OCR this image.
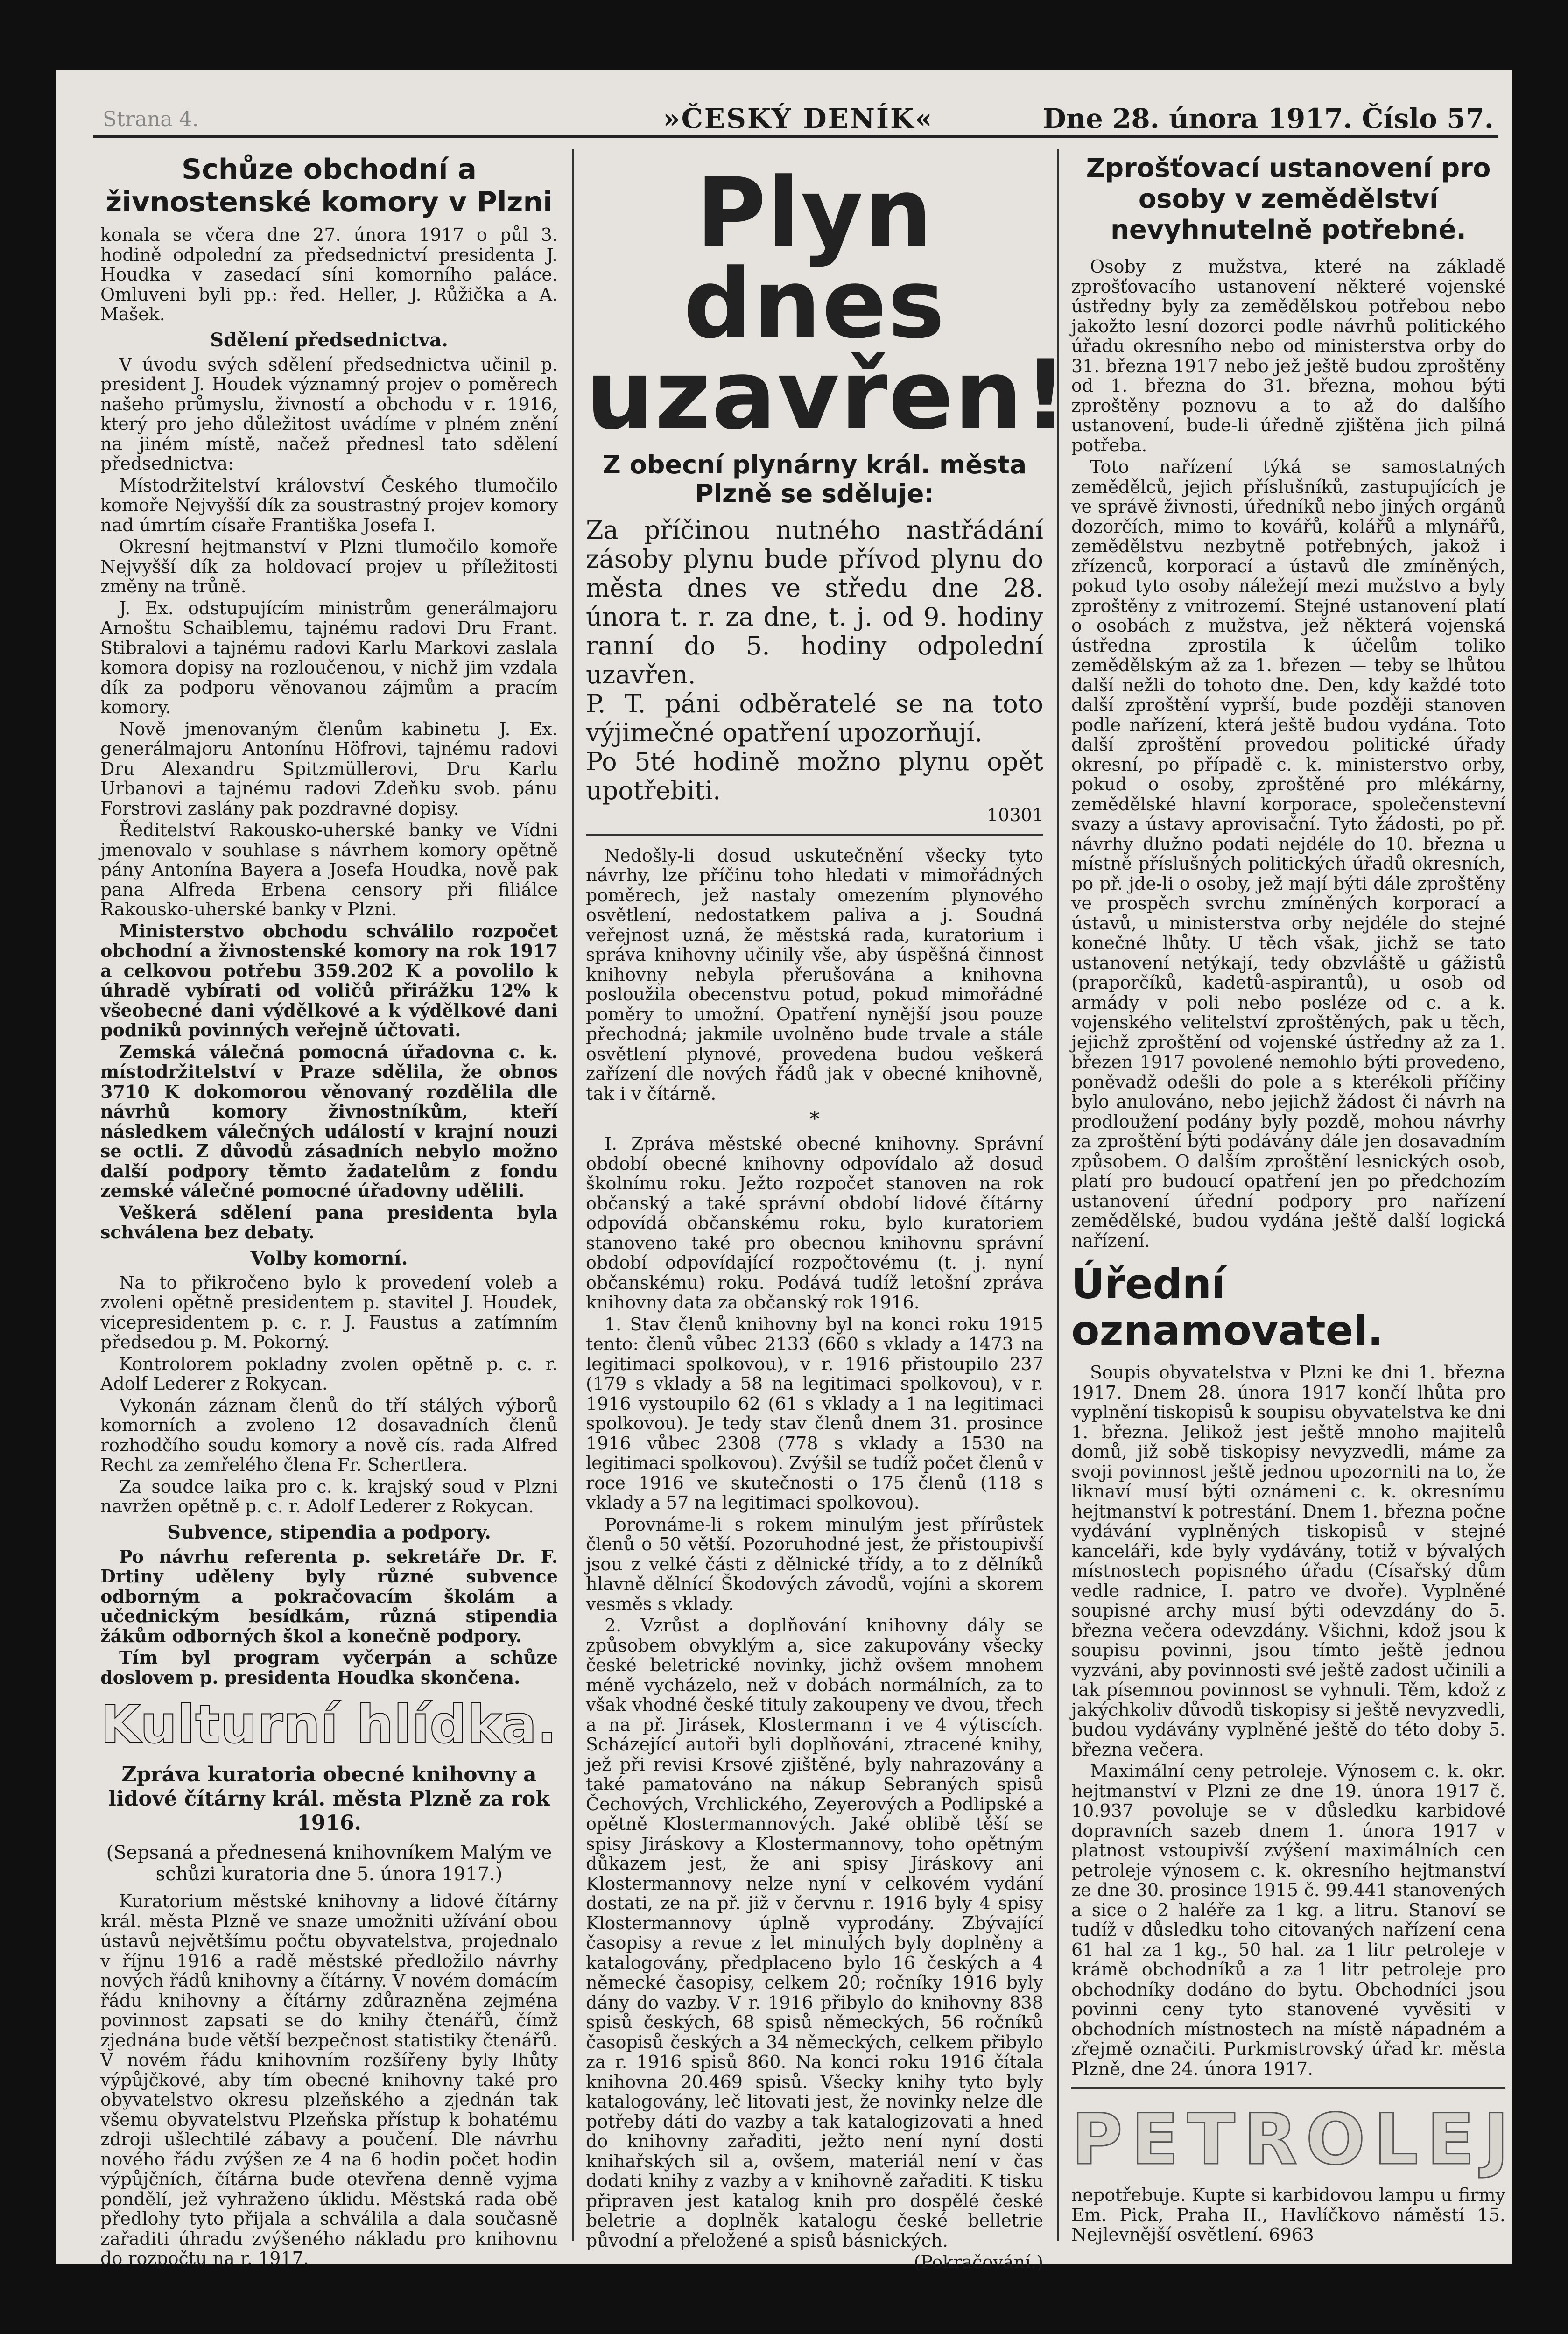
Strana 4.	»ČESKÝ DENÍK«	Dne 28. února 1917. Číslo 57.
Schůze obchodní a živnostenské komory v Plzni

konala se včera dne 27. února 1917 o půl 3. hodině odpolední za předsednictví presidenta J. Houdka v zasedací síni komorního paláce. Omluveni byli pp.: řed. Heller, J. Růžička a A. Mašek.

Sdělení předsednictva.

V úvodu svých sdělení předsednictva učinil p. president J. Houdek významný projev o poměrech našeho průmyslu, živností a obchodu v r. 1916, který pro jeho důležitost uvádíme v plném znění na jiném místě, načež přednesl tato sdělení předsednictva:

Místodržitelství království Českého tlumočilo komoře Nejvyšší dík za soustrastný projev komory nad úmrtím císaře Františka Josefa I.

Okresní hejtmanství v Plzni tlumočilo komoře Nejvyšší dík za holdovací projev u příležitosti změny na trůně.

J. Ex. odstupujícím ministrům generálmajoru Arnoštu Schaiblemu, tajnému radovi Dru Frant. Stibralovi a tajnému radovi Karlu Markovi zaslala komora dopisy na rozloučenou, v nichž jim vzdala dík za podporu věnovanou zájmům a pracím komory.

Nově jmenovaným členům kabinetu J. Ex. generálmajoru Antonínu Höfrovi, tajnému radovi Dru Alexandru Spitzmüllerovi, Dru Karlu Urbanovi a tajnému radovi Zdeňku svob. pánu Forstrovi zaslány pak pozdravné dopisy.

Ředitelství Rakousko-uherské banky ve Vídni jmenovalo v souhlase s návrhem komory opětně pány Antonína Bayera a Josefa Houdka, nově pak pana Alfreda Erbena censory při filiálce Rakousko-uherské banky v Plzni.

Ministerstvo obchodu schválilo rozpočet obchodní a živnostenské komory na rok 1917 a celkovou potřebu 359.202 K a povolilo k úhradě vybírati od voličů přirážku 12% k všeobecné dani výdělkové a k výdělkové dani podniků povinných veřejně účtovati.

Zemská válečná pomocná úřadovna c. k. místodržitelství v Praze sdělila, že obnos 3710 K dokomorou věnovaný rozdělila dle návrhů komory živnostníkům, kteří následkem válečných událostí v krajní nouzi se octli. Z důvodů zásadních nebylo možno další podpory těmto žadatelům z fondu zemské válečné pomocné úřadovny udělili.

Veškerá sdělení pana presidenta byla schválena bez debaty.

Volby komorní.

Na to přikročeno bylo k provedení voleb a zvoleni opětně presidentem p. stavitel J. Houdek, vicepresidentem p. c. r. J. Faustus a zatímním předsedou p. M. Pokorný.

Kontrolorem pokladny zvolen opětně p. c. r. Adolf Lederer z Rokycan.

Vykonán záznam členů do tří stálých výborů komorních a zvoleno 12 dosavadních členů rozhodčího soudu komory a nově cís. rada Alfred Recht za zemřelého člena Fr. Schertlera.

Za soudce laika pro c. k. krajský soud v Plzni navržen opětně p. c. r. Adolf Lederer z Rokycan.

Subvence, stipendia a podpory.

Po návrhu referenta p. sekretáře Dr. F. Drtiny uděleny byly různé subvence odborným a pokračovacím školám a učednickým besídkám, různá stipendia žákům odborných škol a konečně podpory.

Tím byl program vyčerpán a schůze doslovem p. presidenta Houdka skončena.

Kulturní hlídka.
Zpráva kuratoria obecné knihovny a lidové čítárny král. města Plzně za rok 1916.
(Sepsaná a přednesená knihovníkem Malým ve schůzi kuratoria dne 5. února 1917.)

Kuratorium městské knihovny a lidové čítárny král. města Plzně ve snaze umožniti užívání obou ústavů největšímu počtu obyvatelstva, projednalo v říjnu 1916 a radě městské předložilo návrhy nových řádů knihovny a čítárny. V novém domácím řádu knihovny a čítárny zdůrazněna zejména povinnost zapsati se do knihy čtenářů, čímž zjednána bude větší bezpečnost statistiky čtenářů. V novém řádu knihovním rozšířeny byly lhůty výpůjčkové, aby tím obecné knihovny také pro obyvatelstvo okresu plzeňského a zjednán tak všemu obyvatelstvu Plzeňska přístup k bohatému zdroji ušlechtilé zábavy a poučení. Dle návrhu nového řádu zvýšen ze 4 na 6 hodin počet hodin výpůjčních, čítárna bude otevřena denně vyjma pondělí, jež vyhraženo úklidu. Městská rada obě předlohy tyto přijala a schválila a dala současně zařaditi úhradu zvýšeného nákladu pro knihovnu do rozpočtu na r. 1917.

Plyn dnes uzavřen!
Z obecní plynárny král. města Plzně se sděluje:
Za příčinou nutného nastřádání zásoby plynu bude přívod plynu do města dnes ve středu dne 28. února t. r. za dne, t. j. od 9. hodiny ranní do 5. hodiny odpolední uzavřen.
P. T. páni odběratelé se na toto výjimečné opatření upozorňují.
Po 5té hodině možno plynu opět upotřebiti.

10301

Nedošly-li dosud uskutečnění všecky tyto návrhy, lze příčinu toho hledati v mimořádných poměrech, jež nastaly omezením plynového osvětlení, nedostatkem paliva a j. Soudná veřejnost uzná, že městská rada, kuratorium i správa knihovny učinily vše, aby úspěšná činnost knihovny nebyla přerušována a knihovna posloužila obecenstvu potud, pokud mimořádné poměry to umožní. Opatření nynější jsou pouze přechodná; jakmile uvolněno bude trvale a stále osvětlení plynové, provedena budou veškerá zařízení dle nových řádů jak v obecné knihovně, tak i v čítárně.

*

I. Zpráva městské obecné knihovny. Správní období obecné knihovny odpovídalo až dosud školnímu roku. Ježto rozpočet stanoven na rok občanský a také správní období lidové čítárny odpovídá občanskému roku, bylo kuratoriem stanoveno také pro obecnou knihovnu správní období odpovídající rozpočtovému (t. j. nyní občanskému) roku. Podává tudíž letošní zpráva knihovny data za občanský rok 1916.

1. Stav členů knihovny byl na konci roku 1915 tento: členů vůbec 2133 (660 s vklady a 1473 na legitimaci spolkovou), v r. 1916 přistoupilo 237 (179 s vklady a 58 na legitimaci spolkovou), v r. 1916 vystoupilo 62 (61 s vklady a 1 na legitimaci spolkovou). Je tedy stav členů dnem 31. prosince 1916 vůbec 2308 (778 s vklady a 1530 na legitimaci spolkovou). Zvýšil se tudíž počet členů v roce 1916 ve skutečnosti o 175 členů (118 s vklady a 57 na legitimaci spolkovou).

Porovnáme-li s rokem minulým jest přírůstek členů o 50 větší. Pozoruhodné jest, že přistoupivší jsou z velké části z dělnické třídy, a to z dělníků hlavně dělnící Škodových závodů, vojíni a skorem vesměs s vklady.

2. Vzrůst a doplňování knihovny dály se způsobem obvyklým a, sice zakupovány všecky české beletrické novinky, jichž ovšem mnohem méně vycházelo, než v dobách normálních, za to však vhodné české tituly zakoupeny ve dvou, třech a na př. Jirásek, Klostermann i ve 4 výtiscích. Scházející autoři byli doplňováni, ztracené knihy, jež při revisi Krsové zjištěné, byly nahrazovány a také pamatováno na nákup Sebraných spisů Čechových, Vrchlického, Zeyerových a Podlipské a opětně Klostermannových. Jaké oblibě těší se spisy Jiráskovy a Klostermannovy, toho opětným důkazem jest, že ani spisy Jiráskovy ani Klostermannovy nelze nyní v celkovém vydání dostati, ze na př. již v červnu r. 1916 byly 4 spisy Klostermannovy úplně vyprodány. Zbývající časopisy a revue z let minulých byly doplněny a katalogovány, předplaceno bylo 16 českých a 4 německé časopisy, celkem 20; ročníky 1916 byly dány do vazby. V r. 1916 přibylo do knihovny 838 spisů českých, 68 spisů německých, 56 ročníků časopisů českých a 34 německých, celkem přibylo za r. 1916 spisů 860. Na konci roku 1916 čítala knihovna 20.469 spisů. Všecky knihy tyto byly katalogovány, leč litovati jest, že novinky nelze dle potřeby dáti do vazby a tak katalogizovati a hned do knihovny zařaditi, ježto není nyní dosti knihařských sil a, ovšem, materiál není v čas dodati knihy z vazby a v knihovně zařaditi. K tisku připraven jest katalog knih pro dospělé české beletrie a doplněk katalogu české belletrie původní a přeložené a spisů básnických.

(Pokračování.)

Zprošťovací ustanovení pro osoby v zemědělství nevyhnutelně potřebné.

Osoby z mužstva, které na základě zprošťovacího ustanovení některé vojenské ústředny byly za zemědělskou potřebou nebo jakožto lesní dozorci podle návrhů politického úřadu okresního nebo od ministerstva orby do 31. března 1917 nebo jež ještě budou zproštěny od 1. března do 31. března, mohou býti zproštěny poznovu a to až do dalšího ustanovení, bude-li úředně zjištěna jich pilná potřeba.

Toto nařízení týká se samostatných zemědělců, jejich příslušníků, zastupujících je ve správě živnosti, úředníků nebo jiných orgánů dozorčích, mimo to kovářů, kolářů a mlynářů, zemědělstvu nezbytně potřebných, jakož i zřízenců, korporací a ústavů dle zmíněných, pokud tyto osoby náležejí mezi mužstvo a byly zproštěny z vnitrozemí. Stejné ustanovení platí o osobách z mužstva, jež některá vojenská ústředna zprostila k účelům toliko zemědělským až za 1. březen — teby se lhůtou další nežli do tohoto dne. Den, kdy každé toto další zproštění vyprší, bude později stanoven podle nařízení, která ještě budou vydána. Toto další zproštění provedou politické úřady okresní, po případě c. k. ministerstvo orby, pokud o osoby, zproštěné pro mlékárny, zemědělské hlavní korporace, společenstevní svazy a ústavy aprovisační. Tyto žádosti, po př. návrhy dlužno podati nejdéle do 10. března u místně příslušných politických úřadů okresních, po př. jde-li o osoby, jež mají býti dále zproštěny ve prospěch svrchu zmíněných korporací a ústavů, u ministerstva orby nejdéle do stejné konečné lhůty. U těch však, jichž se tato ustanovení netýkají, tedy obzvláště u gážistů (praporčíků, kadetů-aspirantů), u osob od armády v poli nebo posléze od c. a k. vojenského velitelství zproštěných, pak u těch, jejichž zproštění od vojenské ústředny až za 1. březen 1917 povolené nemohlo býti provedeno, poněvadž odešli do pole a s kterékoli příčiny bylo anulováno, nebo jejichž žádost či návrh na prodloužení podány byly pozdě, mohou návrhy za zproštění býti podávány dále jen dosavadním způsobem. O dalším zproštění lesnických osob, platí pro budoucí opatření jen po předchozím ustanovení úřední podpory pro nařízení zemědělské, budou vydána ještě další logická nařízení.

Úřední oznamovatel.

Soupis obyvatelstva v Plzni ke dni 1. března 1917. Dnem 28. února 1917 končí lhůta pro vyplnění tiskopisů k soupisu obyvatelstva ke dni 1. března. Jelikož jest ještě mnoho majitelů domů, již sobě tiskopisy nevyzvedli, máme za svoji povinnost ještě jednou upozorniti na to, že liknaví musí býti oznámeni c. k. okresnímu hejtmanství k potrestání. Dnem 1. března počne vydávání vyplněných tiskopisů v stejné kanceláři, kde byly vydávány, totiž v bývalých místnostech popisného úřadu (Císařský dům vedle radnice, I. patro ve dvoře). Vyplněné soupisné archy musí býti odevzdány do 5. března večera odevzdány. Všichni, kdož jsou k soupisu povinni, jsou tímto ještě jednou vyzváni, aby povinnosti své ještě zadost učinili a tak písemnou povinnost se vyhnuli. Těm, kdož z jakýchkoliv důvodů tiskopisy si ještě nevyzvedli, budou vydávány vyplněné ještě do této doby 5. března večera.

Maximální ceny petroleje. Výnosem c. k. okr. hejtmanství v Plzni ze dne 19. února 1917 č. 10.937 povoluje se v důsledku karbidové dopravních sazeb dnem 1. února 1917 v platnost vstoupivší zvýšení maximálních cen petroleje výnosem c. k. okresního hejtmanství ze dne 30. prosince 1915 č. 99.441 stanovených a sice o 2 haléře za 1 kg. a litru. Stanoví se tudíž v důsledku toho citovaných nařízení cena 61 hal za 1 kg., 50 hal. za 1 litr petroleje v krámě obchodníků a za 1 litr petroleje pro obchodníky dodáno do bytu. Obchodníci jsou povinni ceny tyto stanovené vyvěsiti v obchodních místnostech na místě nápadném a zřejmě označiti. Purkmistrovský úřad kr. města Plzně, dne 24. února 1917.

PETROLEJ

nepotřebuje. Kupte si karbidovou lampu u firmy Em. Pick, Praha II., Havlíčkovo náměstí 15. Nejlevnější osvětlení. 6963
